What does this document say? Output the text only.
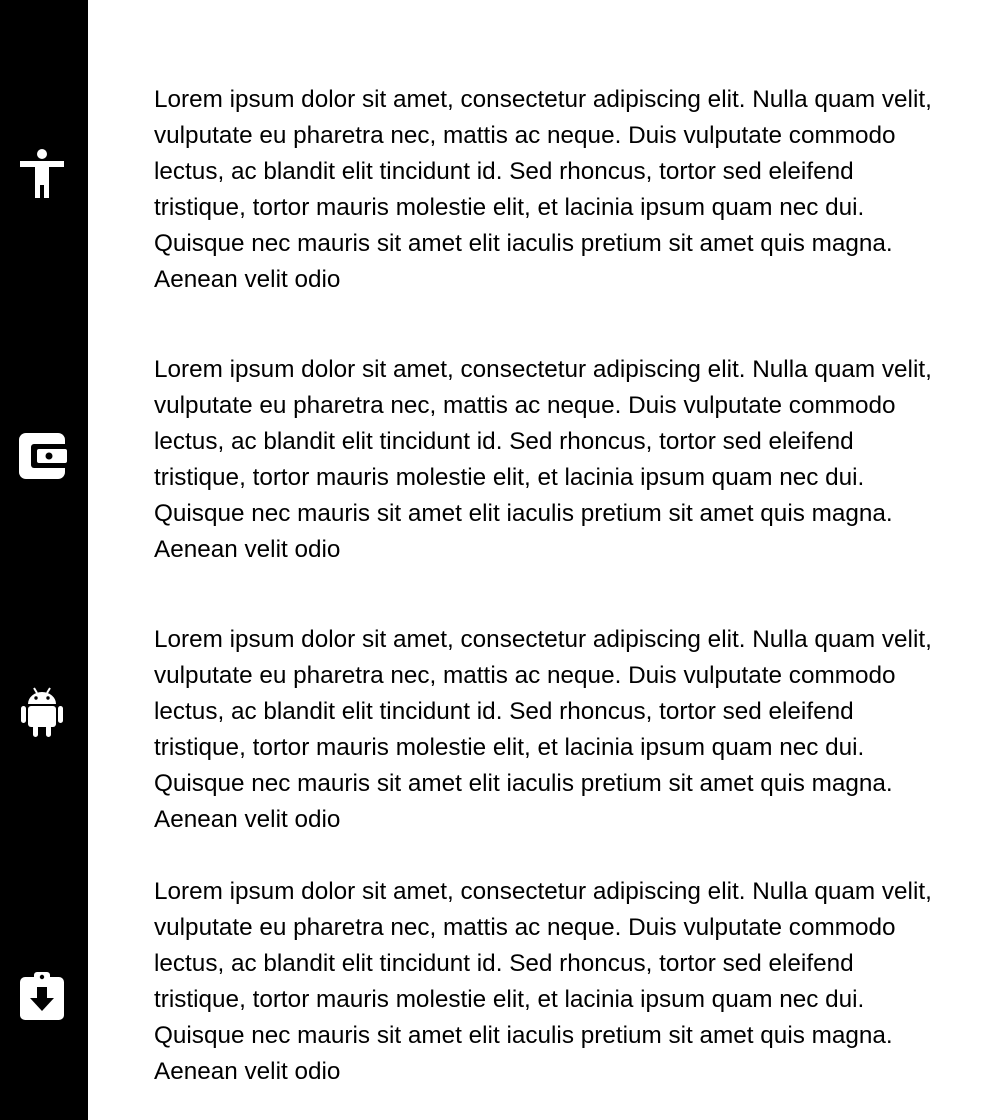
Lorem ipsum dolor sit amet, consectetur adipiscing elit. Nulla quam velit, vulputate eu pharetra nec, mattis ac neque. Duis vulputate commodo lectus, ac blandit elit tincidunt id. Sed rhoncus, tortor sed eleifend tristique, tortor mauris molestie elit, et lacinia ipsum quam nec dui. Quisque nec mauris sit amet elit iaculis pretium sit amet quis magna. Aenean velit odio

Lorem ipsum dolor sit amet, consectetur adipiscing elit. Nulla quam velit, vulputate eu pharetra nec, mattis ac neque. Duis vulputate commodo lectus, ac blandit elit tincidunt id. Sed rhoncus, tortor sed eleifend tristique, tortor mauris molestie elit, et lacinia ipsum quam nec dui. Quisque nec mauris sit amet elit iaculis pretium sit amet quis magna. Aenean velit odio

Lorem ipsum dolor sit amet, consectetur adipiscing elit. Nulla quam velit, vulputate eu pharetra nec, mattis ac neque. Duis vulputate commodo lectus, ac blandit elit tincidunt id. Sed rhoncus, tortor sed eleifend tristique, tortor mauris molestie elit, et lacinia ipsum quam nec dui. Quisque nec mauris sit amet elit iaculis pretium sit amet quis magna. Aenean velit odio

Lorem ipsum dolor sit amet, consectetur adipiscing elit. Nulla quam velit, vulputate eu pharetra nec, mattis ac neque. Duis vulputate commodo lectus, ac blandit elit tincidunt id. Sed rhoncus, tortor sed eleifend tristique, tortor mauris molestie elit, et lacinia ipsum quam nec dui. Quisque nec mauris sit amet elit iaculis pretium sit amet quis magna. Aenean velit odio
